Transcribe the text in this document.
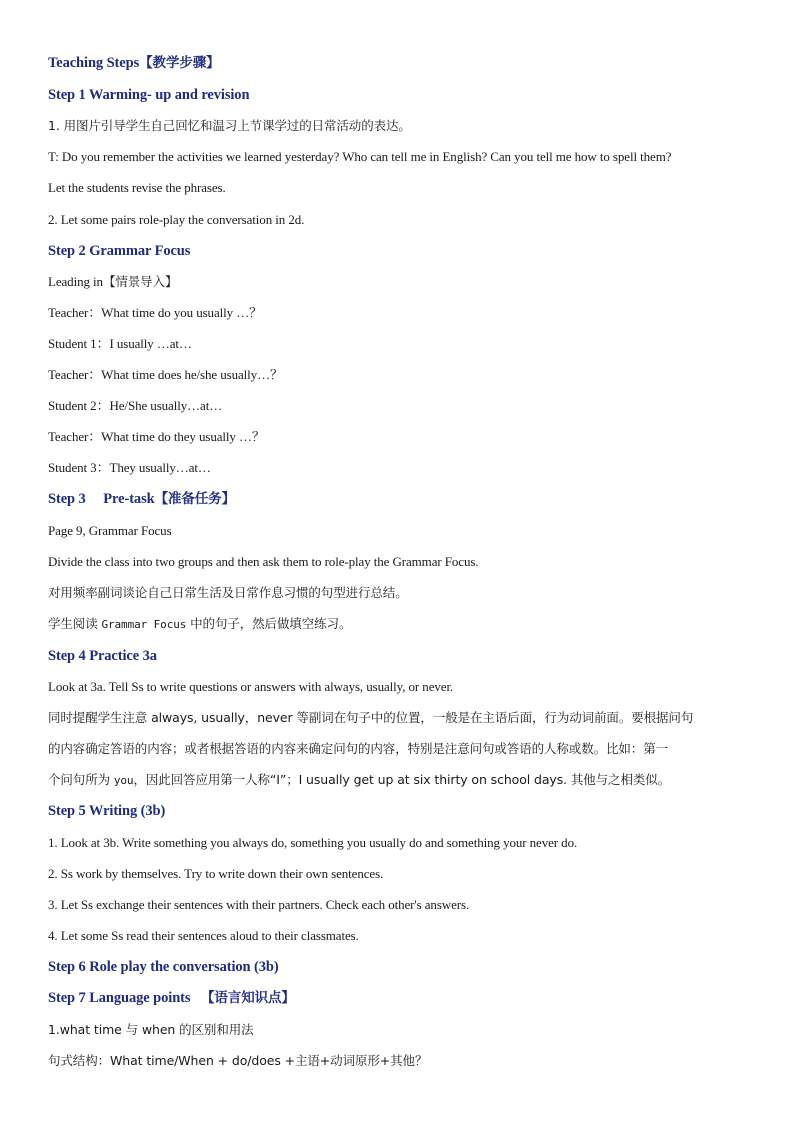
Teaching Steps【教学步骤】
Step 1 Warming- up and revision
1. 用图片引导学生自己回忆和温习上节课学过的日常活动的表达。
T: Do you remember the activities we learned yesterday? Who can tell me in English? Can you tell me how to spell them?
Let the students revise the phrases.
2. Let some pairs role-play the conversation in 2d.
Step 2 Grammar Focus
Leading in【情景导入】
Teacher：What time do you usually …？
Student 1：I usually …at…
Teacher：What time does he/she usually…？
Student 2：He/She usually…at…
Teacher：What time do they usually …？
Student 3：They usually…at…
Step 3     Pre-task【准备任务】
Page 9, Grammar Focus
Divide the class into two groups and then ask them to role-play the Grammar Focus.
对用频率副词谈论自己日常生活及日常作息习惯的句型进行总结。
学生阅读 Grammar Focus 中的句子，然后做填空练习。
Step 4 Practice 3a
Look at 3a. Tell Ss to write questions or answers with always, usually, or never.
同时提醒学生注意 always, usually，never 等副词在句子中的位置，一般是在主语后面，行为动词前面。要根据问句
的内容确定答语的内容；或者根据答语的内容来确定问句的内容，特别是注意问句或答语的人称或数。比如：第一
个问句所为 you，因此回答应用第一人称“I”；I usually get up at six thirty on school days. 其他与之相类似。
Step 5 Writing (3b)
1. Look at 3b. Write something you always do, something you usually do and something your never do.
2. Ss work by themselves. Try to write down their own sentences.
3. Let Ss exchange their sentences with their partners. Check each other's answers.
4. Let some Ss read their sentences aloud to their classmates.
Step 6 Role play the conversation (3b)
Step 7 Language points 【语言知识点】
1.what time 与 when 的区别和用法
句式结构：What time/When + do/does +主语+动词原形+其他？
